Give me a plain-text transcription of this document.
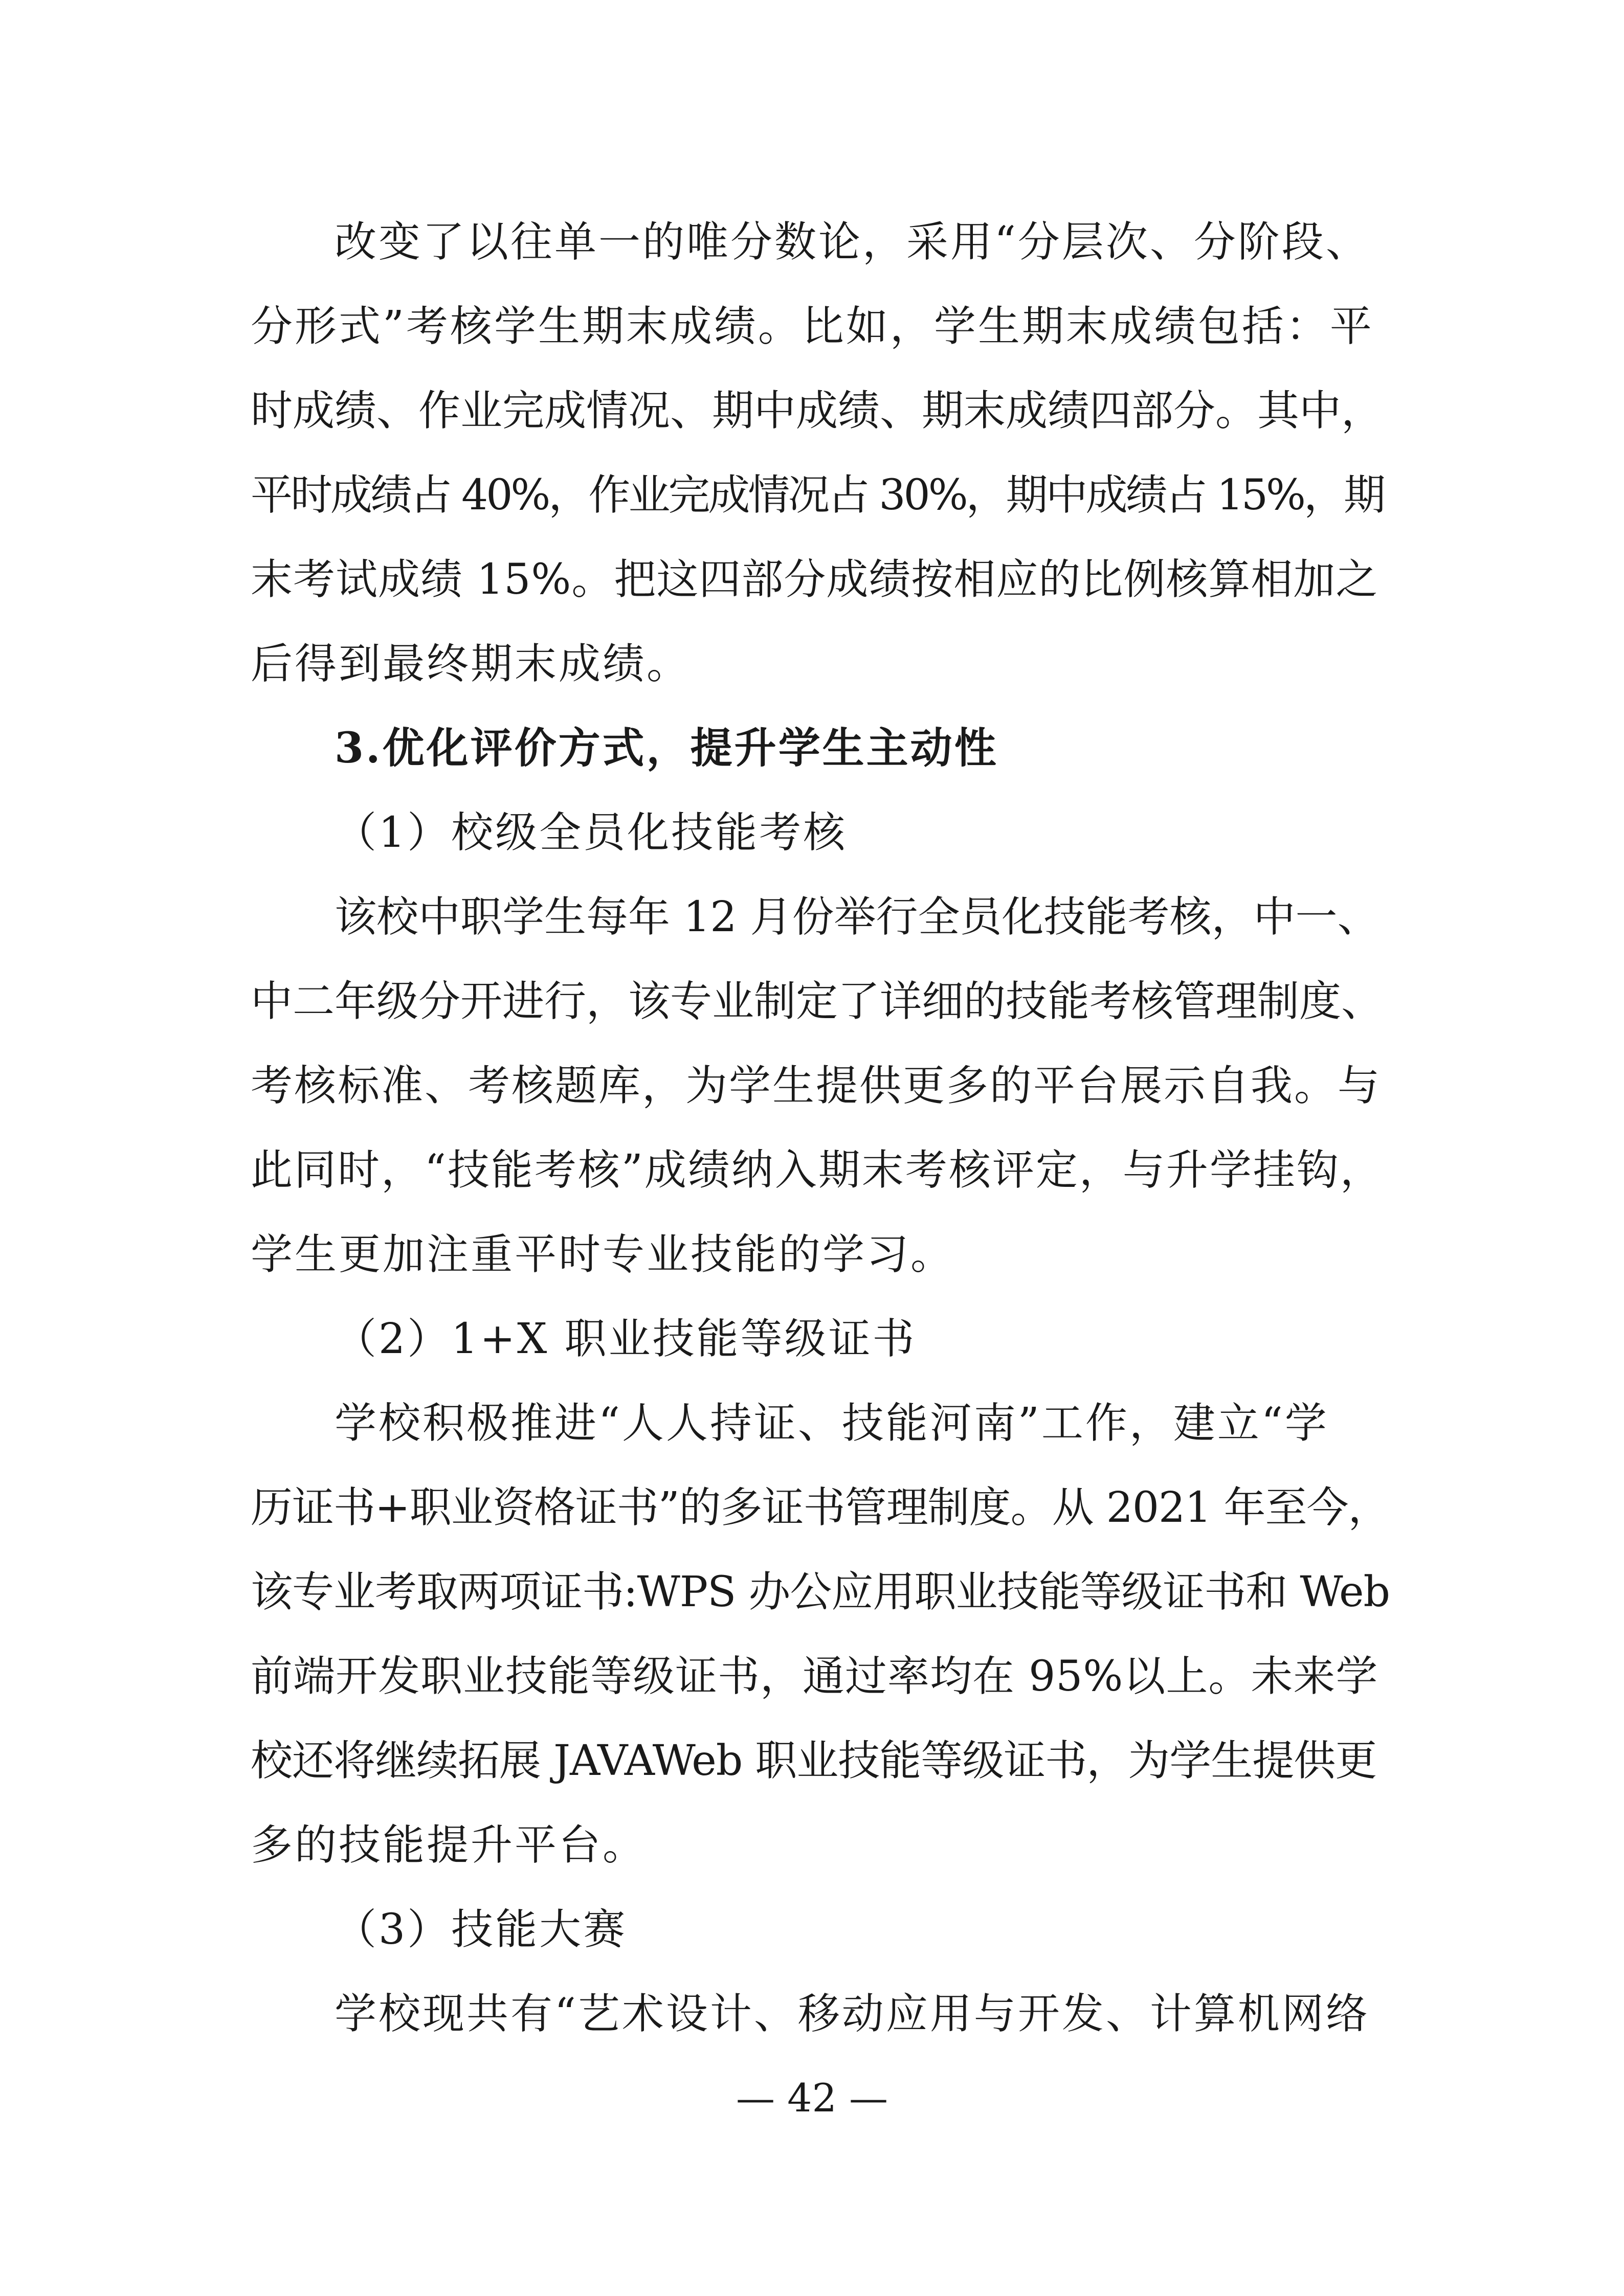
改变了以往单一的唯分数论，采用“分层次、分阶段、
分形式”考核学生期末成绩。比如，学生期末成绩包括：平
时成绩、作业完成情况、期中成绩、期末成绩四部分。其中，
平时成绩占 40%，作业完成情况占 30%，期中成绩占 15%，期
末考试成绩 15%。把这四部分成绩按相应的比例核算相加之
后得到最终期末成绩。
3.优化评价方式，提升学生主动性
（1）校级全员化技能考核
该校中职学生每年 12 月份举行全员化技能考核，中一、
中二年级分开进行，该专业制定了详细的技能考核管理制度、
考核标准、考核题库，为学生提供更多的平台展示自我。与
此同时，“技能考核”成绩纳入期末考核评定，与升学挂钩，
学生更加注重平时专业技能的学习。
（2）1+X 职业技能等级证书
学校积极推进“人人持证、技能河南”工作，建立“学
历证书+职业资格证书”的多证书管理制度。从 2021 年至今，
该专业考取两项证书:WPS 办公应用职业技能等级证书和 Web
前端开发职业技能等级证书，通过率均在 95%以上。未来学
校还将继续拓展 JAVAWeb 职业技能等级证书，为学生提供更
多的技能提升平台。
（3）技能大赛
学校现共有“艺术设计、移动应用与开发、计算机网络
— 42 —
